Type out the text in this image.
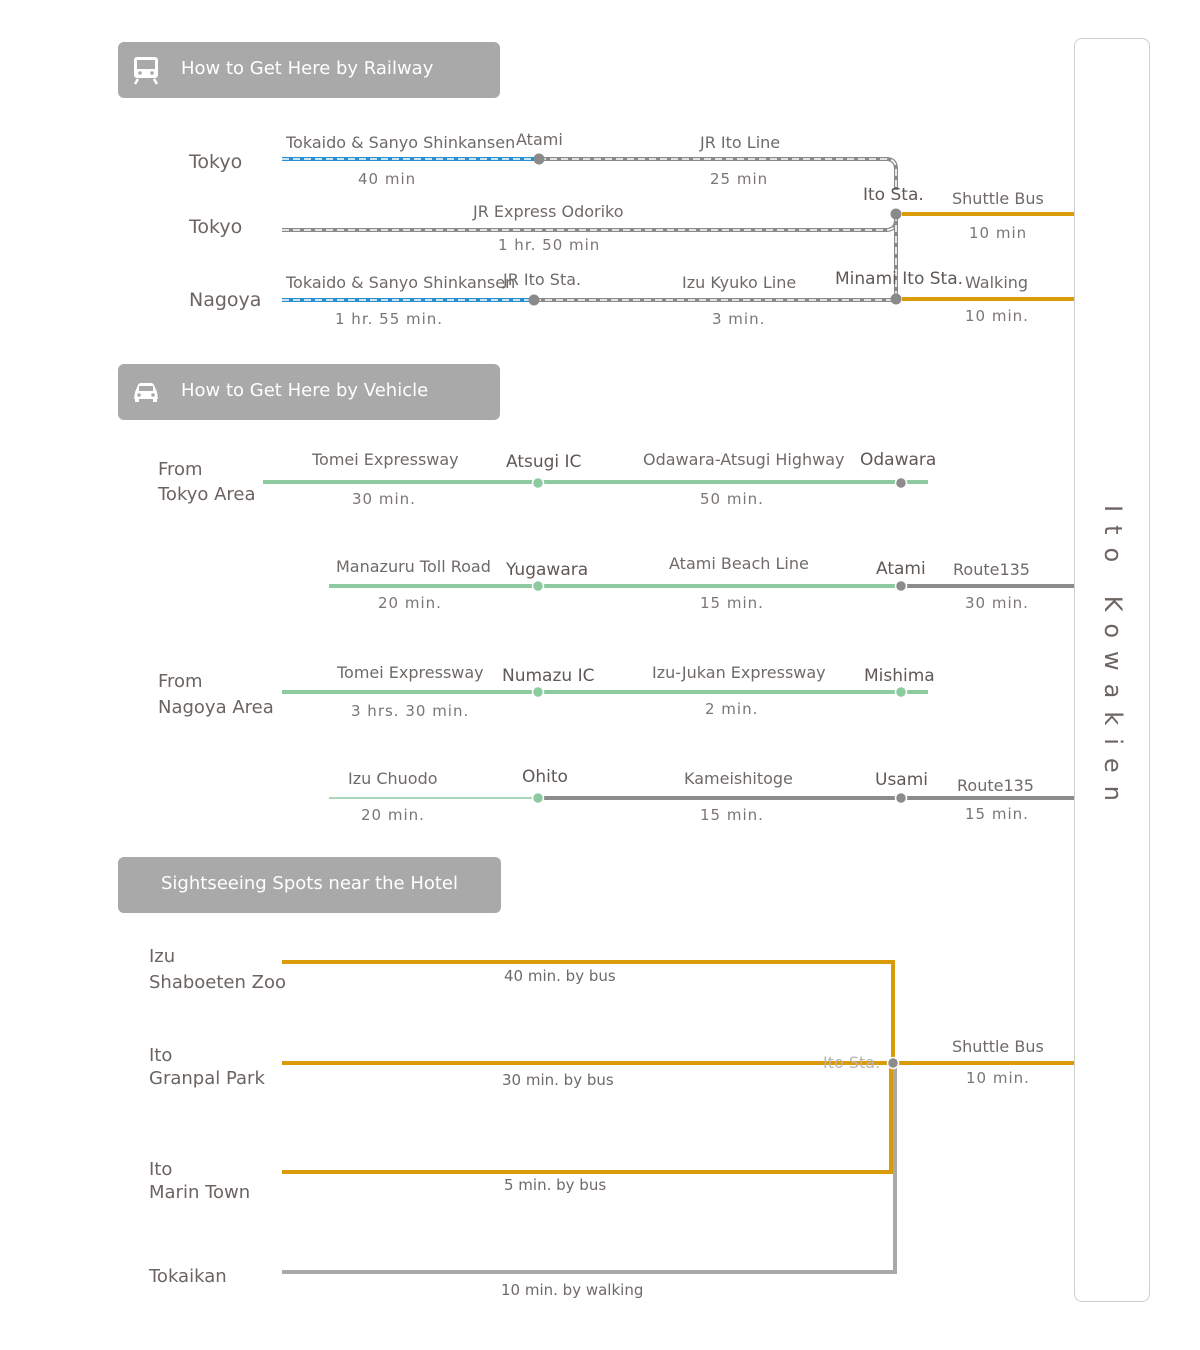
Ito Kowakien
How to Get Here by Railway
Tokyo
Tokyo
Nagoya
Tokaido & Sanyo Shinkansen Atami
40 min
JR Ito Line
25 min
JR Express Odoriko
1 hr. 50 min
Ito Sta. Shuttle Bus
10 min
Tokaido & Sanyo Shinkansen
JR Ito Sta.
1 hr. 55 min.
Izu Kyuko Line
3 min.
Minami Ito Sta. Walking
10 min.
How to Get Here by Vehicle
From
Tokyo Area
From
Nagoya Area
Tomei Expressway
30 min.
Atsugi IC	Odawara-Atsugi Highway
50 min.
Odawara
Manazuru Toll Road
20 min.
Yugawara	Atami Beach Line
15 min.
Atami Route135
30 min.
Tomei Expressway
3 hrs. 30 min.
Numazu IC	Izu-Jukan Expressway
2 min.
Mishima
Izu Chuodo
20 min.
Ohito	Kameishitoge
15 min.
Usami Route135
15 min.
Sightseeing Spots near the Hotel
Izu
Shaboeten Zoo	40 min. by bus
Ito
Granpal Park	30 min. by bus
Ito
Marin Town	5 min. by bus
Tokaikan
10 min. by walking
Ito Sta.
Shuttle Bus
10 min.
